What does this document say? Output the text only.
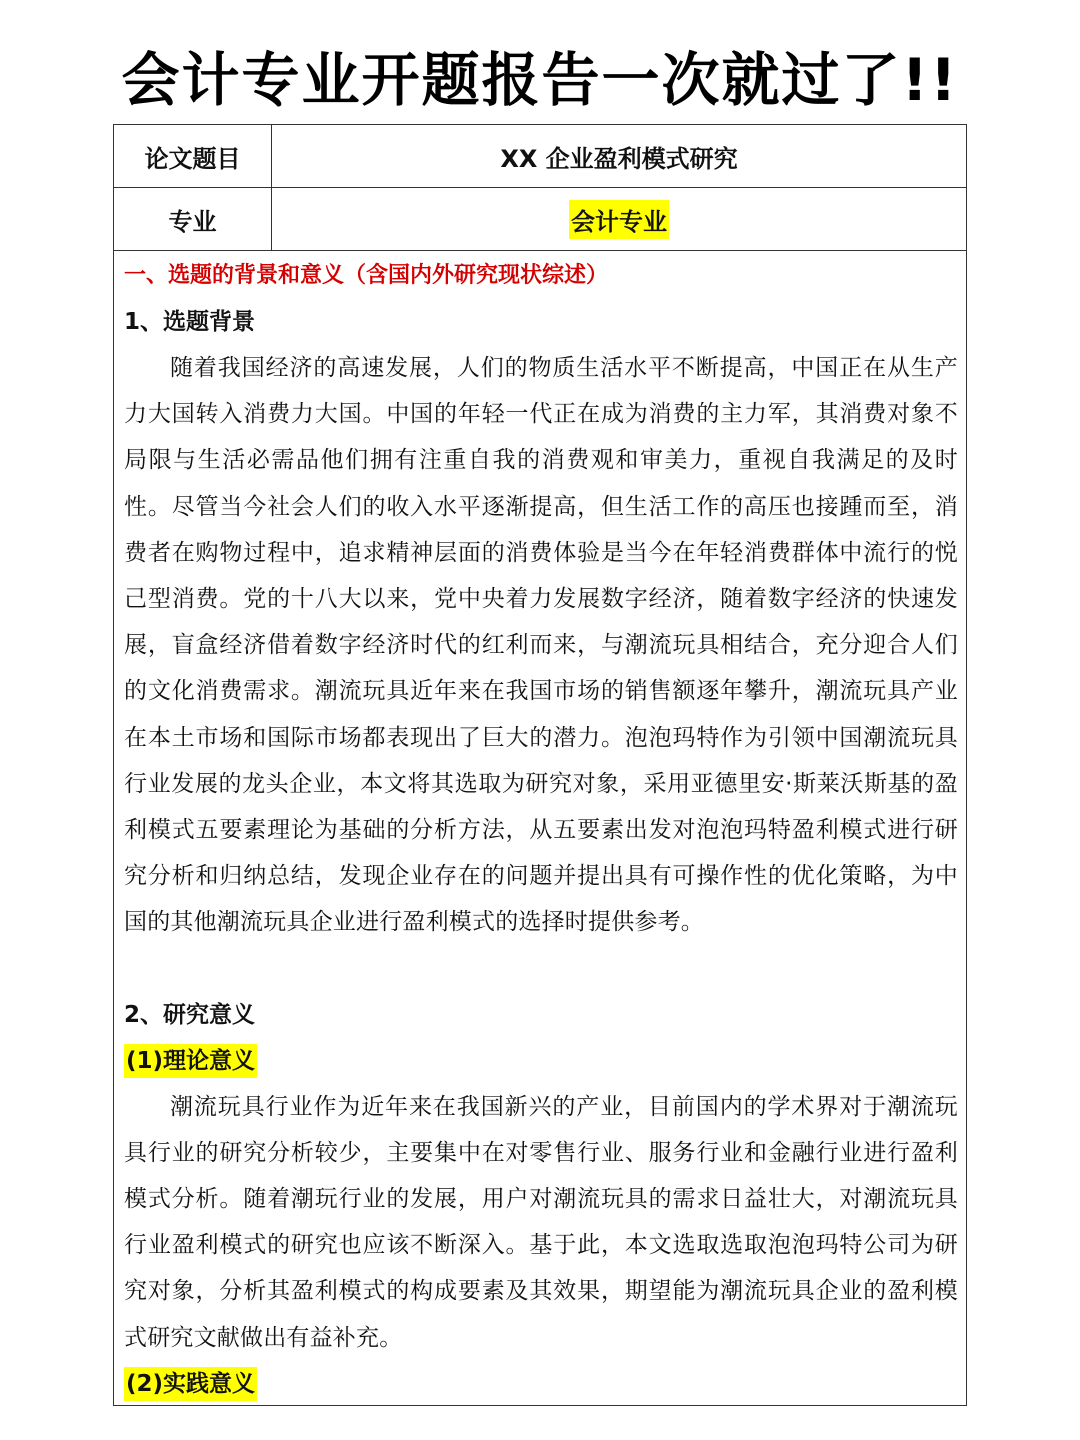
会计专业开题报告一次就过了!!
论文题目	XX 企业盈利模式研究
专业	会计专业

一、选题的背景和意义（含国内外研究现状综述）

1、选题背景

随着我国经济的高速发展，人们的物质生活水平不断提高，中国正在从生产力大国转入消费力大国。中国的年轻一代正在成为消费的主力军，其消费对象不局限与生活必需品他们拥有注重自我的消费观和审美力，重视自我满足的及时性。尽管当今社会人们的收入水平逐渐提高，但生活工作的高压也接踵而至，消费者在购物过程中，追求精神层面的消费体验是当今在年轻消费群体中流行的悦己型消费。党的十八大以来，党中央着力发展数字经济，随着数字经济的快速发展，盲盒经济借着数字经济时代的红利而来，与潮流玩具相结合，充分迎合人们的文化消费需求。潮流玩具近年来在我国市场的销售额逐年攀升，潮流玩具产业在本土市场和国际市场都表现出了巨大的潜力。泡泡玛特作为引领中国潮流玩具行业发展的龙头企业，本文将其选取为研究对象，采用亚德里安·斯莱沃斯基的盈利模式五要素理论为基础的分析方法，从五要素出发对泡泡玛特盈利模式进行研究分析和归纳总结，发现企业存在的问题并提出具有可操作性的优化策略，为中国的其他潮流玩具企业进行盈利模式的选择时提供参考。

2、研究意义

(1)理论意义

潮流玩具行业作为近年来在我国新兴的产业，目前国内的学术界对于潮流玩具行业的研究分析较少，主要集中在对零售行业、服务行业和金融行业进行盈利模式分析。随着潮玩行业的发展，用户对潮流玩具的需求日益壮大，对潮流玩具行业盈利模式的研究也应该不断深入。基于此，本文选取选取泡泡玛特公司为研究对象，分析其盈利模式的构成要素及其效果，期望能为潮流玩具企业的盈利模式研究文献做出有益补充。

(2)实践意义
